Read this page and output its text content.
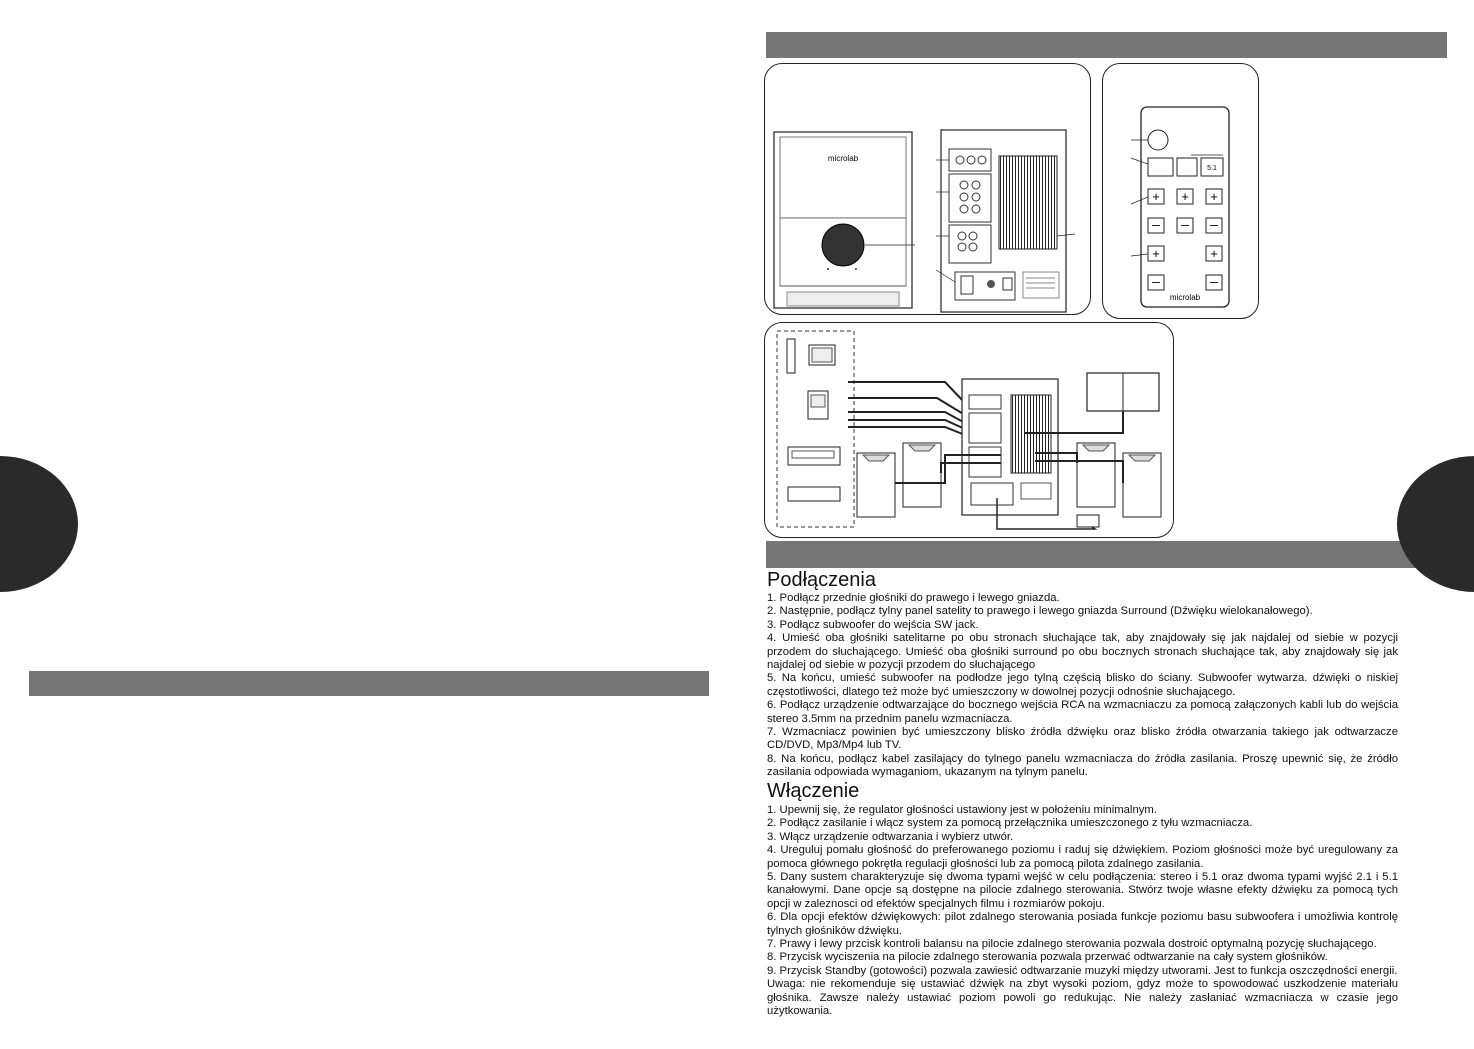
microlab
5.1
+ + +
+	+
microlab
Podłączenia
1. Podłącz przednie głośniki do prawego i lewego gniazda.
2. Następnie, podłącz tylny panel satelity to prawego i lewego gniazda Surround (Dźwięku wielokanałowego).
3. Podłącz subwoofer do wejścia SW jack.
4. Umieść oba głośniki satelitarne po obu stronach słuchające tak, aby znajdowały się jak najdalej od siebie w pozycji przodem do słuchającego. Umieść oba głośniki surround po obu bocznych stronach słuchające tak, aby znajdowały się jak najdalej od siebie w pozycji przodem do słuchającego
5. Na końcu, umieść subwoofer na podłodze jego tylną częścią blisko do ściany. Subwoofer wytwarza. dźwięki o niskiej częstotliwości, dlatego też może być umieszczony w dowolnej pozycji odnośnie słuchającego.
6. Podłącz urządzenie odtwarzające do bocznego wejścia RCA na wzmacniaczu za pomocą załączonych kabli lub do wejścia stereo 3.5mm na przednim panelu wzmacniacza.
7. Wzmacniacz powinien być umieszczony blisko źródła dźwięku oraz blisko źródła otwarzania takiego jak odtwarzacze CD/DVD, Mp3/Mp4 lub TV.
8. Na końcu, podłącz kabel zasilający do tylnego panelu wzmacniacza do źródła zasilania. Proszę upewnić się, że źródło zasilania odpowiada wymaganiom, ukazanym na tylnym panelu.
Włączenie
1. Upewnij się, że regulator głośności ustawiony jest w położeniu minimalnym.
2. Podłącz zasilanie i włącz system za pomocą przełącznika umieszczonego z tyłu wzmacniacza.
3. Włącz urządzenie odtwarzania i wybierz utwór.
4. Ureguluj pomału głośność do preferowanego poziomu i raduj się dźwiękiem. Poziom głośności może być uregulowany za pomoca głównego pokrętła regulacji głośności lub za pomocą pilota zdalnego zasilania.
5. Dany sustem charakteryzuje się dwoma typami wejść w celu podłączenia: stereo i 5.1 oraz dwoma typami wyjść 2.1 i 5.1 kanałowymi. Dane opcje są dostępne na pilocie zdalnego sterowania. Stwórz twoje własne efekty dźwięku za pomocą tych opcji w zaleznosci od efektów specjalnych filmu i rozmiarów pokoju.
6. Dla opcji efektów dźwiękowych: pilot zdalnego sterowania posiada funkcje poziomu basu subwoofera i umożliwia kontrolę tylnych głośników dźwięku.
7. Prawy i lewy przcisk kontroli balansu na pilocie zdalnego sterowania pozwala dostroić optymalną pozycję słuchającego.
8. Przycisk wyciszenia na pilocie zdalnego sterowania pozwala przerwać odtwarzanie na cały system głośników.
9. Przycisk Standby (gotowości) pozwala zawiesić odtwarzanie muzyki między utworami. Jest to funkcja oszczędności energii.
Uwaga: nie rekomenduje się ustawiać dźwięk na zbyt wysoki poziom, gdyz może to spowodować uszkodzenie materiału głośnika. Zawsze należy ustawiać poziom powoli go redukując. Nie należy zasłaniać wzmacniacza w czasie jego użytkowania.
